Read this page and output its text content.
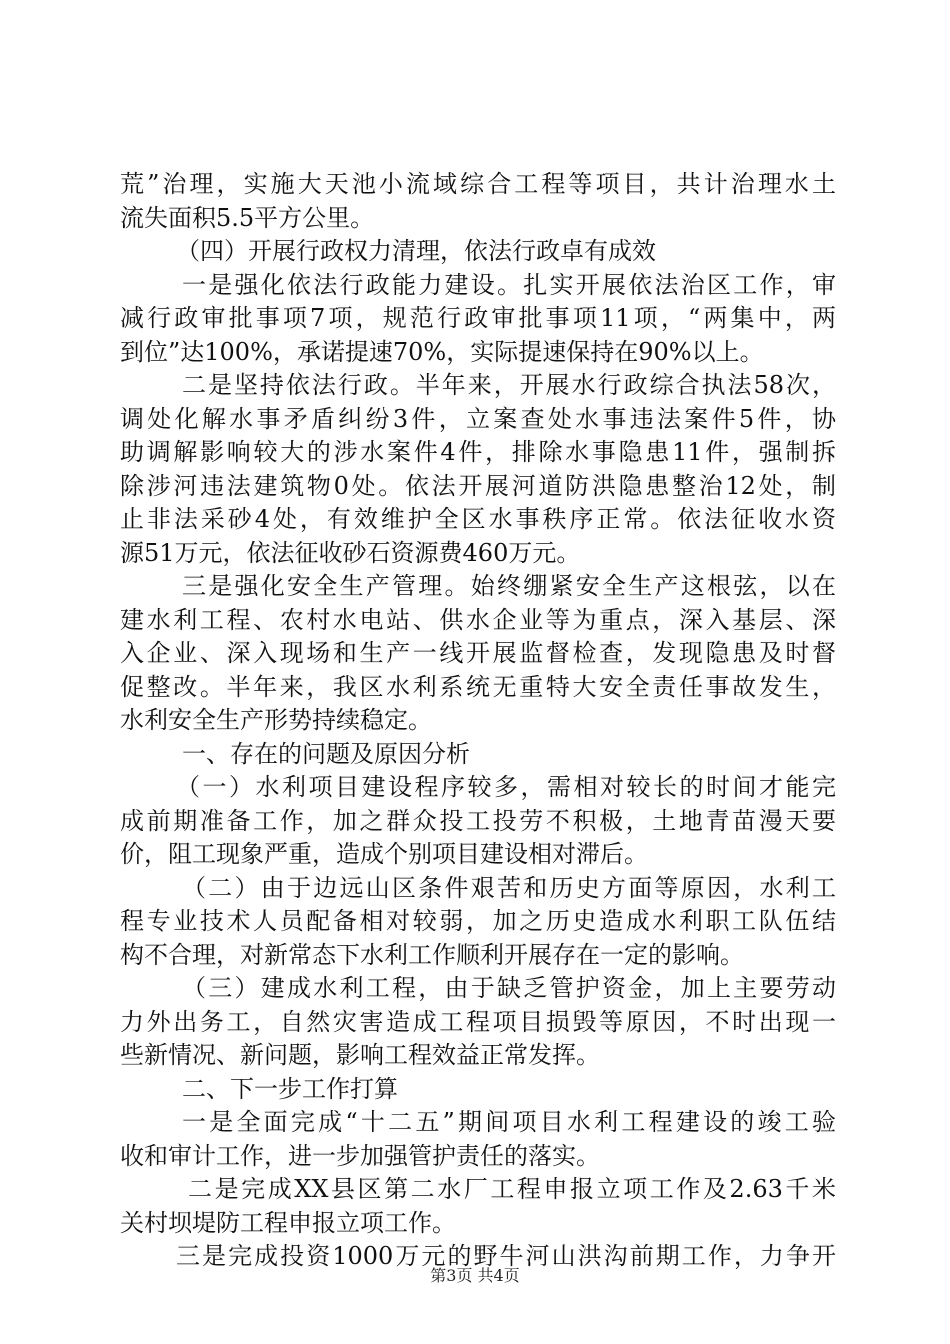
荒”治理，实施大天池小流域综合工程等项目，共计治理水土
流失面积5.5平方公里。
（四）开展行政权力清理，依法行政卓有成效
一是强化依法行政能力建设。扎实开展依法治区工作，审
减行政审批事项7项，规范行政审批事项11项，“两集中，两
到位”达100%，承诺提速70%，实际提速保持在90%以上。
二是坚持依法行政。半年来，开展水行政综合执法58次，
调处化解水事矛盾纠纷3件，立案查处水事违法案件5件，协
助调解影响较大的涉水案件4件，排除水事隐患11件，强制拆
除涉河违法建筑物0处。依法开展河道防洪隐患整治12处，制
止非法采砂4处，有效维护全区水事秩序正常。依法征收水资
源51万元，依法征收砂石资源费460万元。
三是强化安全生产管理。始终绷紧安全生产这根弦，以在
建水利工程、农村水电站、供水企业等为重点，深入基层、深
入企业、深入现场和生产一线开展监督检查，发现隐患及时督
促整改。半年来，我区水利系统无重特大安全责任事故发生，
水利安全生产形势持续稳定。
一、存在的问题及原因分析
（一）水利项目建设程序较多，需相对较长的时间才能完
成前期准备工作，加之群众投工投劳不积极，土地青苗漫天要
价，阻工现象严重，造成个别项目建设相对滞后。
（二）由于边远山区条件艰苦和历史方面等原因，水利工
程专业技术人员配备相对较弱，加之历史造成水利职工队伍结
构不合理，对新常态下水利工作顺利开展存在一定的影响。
（三）建成水利工程，由于缺乏管护资金，加上主要劳动
力外出务工，自然灾害造成工程项目损毁等原因，不时出现一
些新情况、新问题，影响工程效益正常发挥。
二、下一步工作打算
一是全面完成“十二五”期间项目水利工程建设的竣工验
收和审计工作，进一步加强管护责任的落实。
二是完成XX县区第二水厂工程申报立项工作及2.63千米
关村坝堤防工程申报立项工作。
三是完成投资1000万元的野牛河山洪沟前期工作，力争开
第3页 共4页
